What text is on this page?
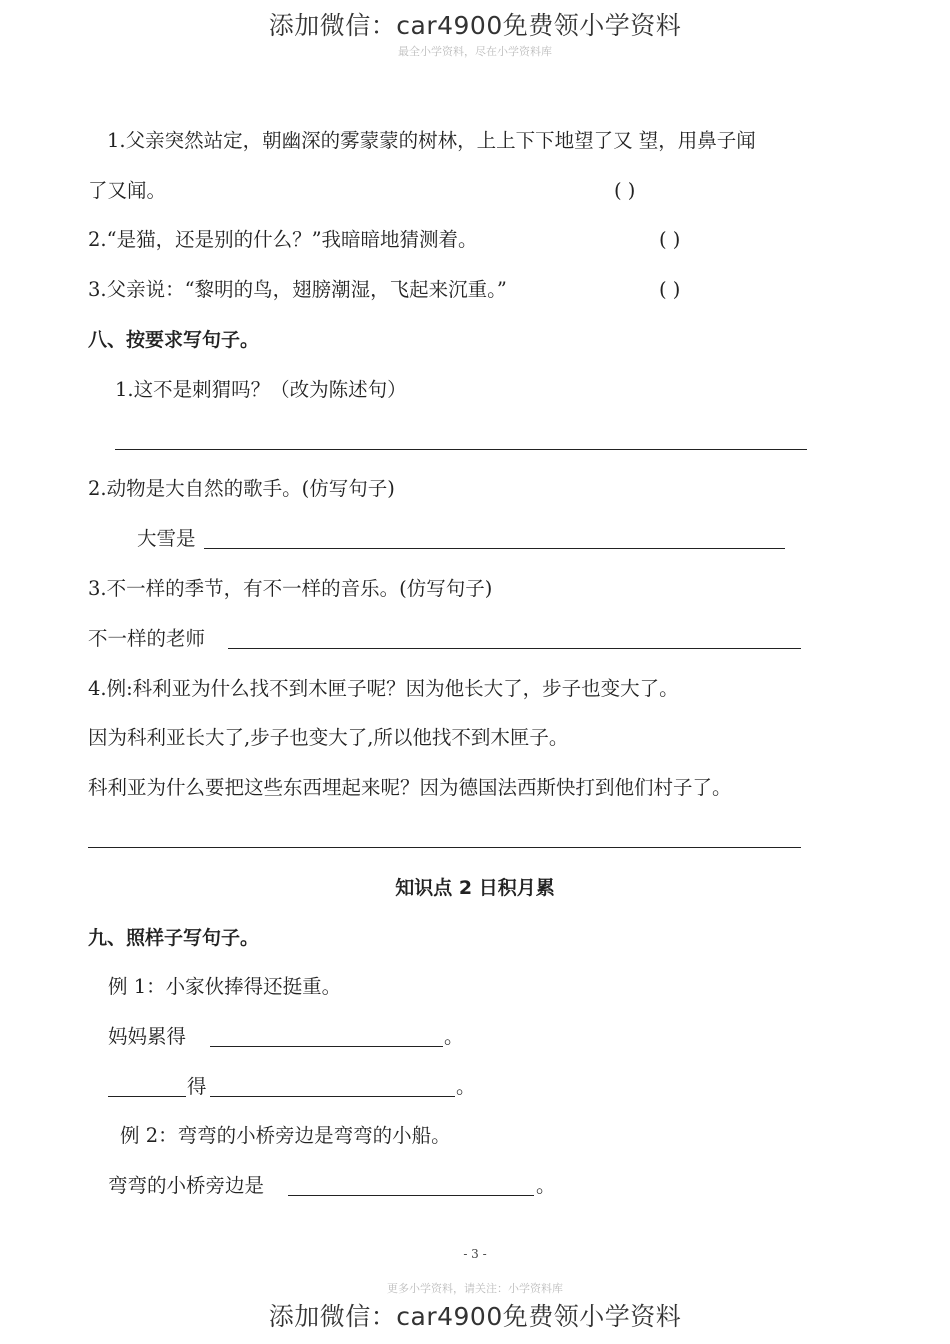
添加微信：car4900免费领小学资料
最全小学资料，尽在小学资料库
1.父亲突然站定，朝幽深的雾蒙蒙的树林，上上下下地望了又 望，用鼻子闻
了又闻。	( )
2.“是猫，还是别的什么？”我暗暗地猜测着。	( )
3.父亲说：“黎明的鸟，翅膀潮湿，飞起来沉重。”	( )
八、按要求写句子。
1.这不是刺猬吗？（改为陈述句）
2.动物是大自然的歌手。(仿写句子)
大雪是
3.不一样的季节，有不一样的音乐。(仿写句子)
不一样的老师
4.例:科利亚为什么找不到木匣子呢？因为他长大了，步子也变大了。
因为科利亚长大了,步子也变大了,所以他找不到木匣子。
科利亚为什么要把这些东西埋起来呢？因为德国法西斯快打到他们村子了。
知识点 2 日积月累
九、照样子写句子。
例 1：小家伙捧得还挺重。
妈妈累得	。
得	。
例 2：弯弯的小桥旁边是弯弯的小船。
弯弯的小桥旁边是	。
- 3 -
更多小学资料，请关注：小学资料库
添加微信：car4900免费领小学资料
